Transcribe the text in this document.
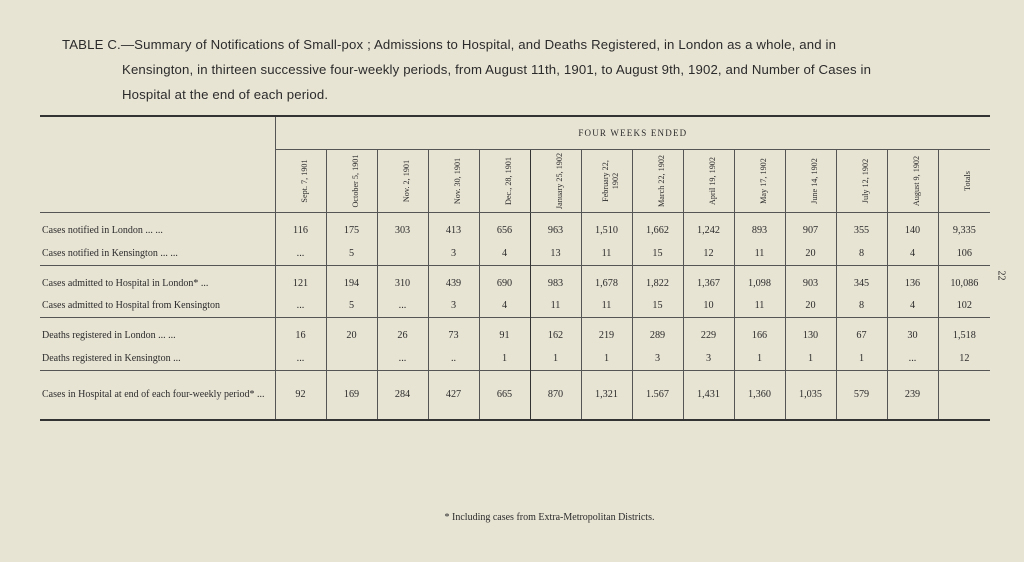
TABLE C.—Summary of Notifications of Small-pox ; Admissions to Hospital, and Deaths Registered, in London as a whole, and in
Kensington, in thirteen successive four-weekly periods, from August 11th, 1901, to August 9th, 1902, and Number of Cases in
Hospital at the end of each period.
22
	FOUR WEEKS ENDED													

	Sept. 7, 1901	October 5, 1901	Nov. 2, 1901	Nov. 30, 1901	Dec., 28, 1901	January 25, 1902	February 22, 1902	March 22, 1902	April 19, 1902	May 17, 1902	June 14, 1902	July 12, 1902	August 9, 1902	Totals

Cases notified in London ... ...	116	175	303	413	656	963	1,510	1,662	1,242	893	907	355	140	9,335
Cases notified in Kensington ... ...	...	5		3	4	13	11	15	12	11	20	8	4	106

Cases admitted to Hospital in London* ...	121	194	310	439	690	983	1,678	1,822	1,367	1,098	903	345	136	10,086
Cases admitted to Hospital from Kensington	...	5	...	3	4	11	11	15	10	11	20	8	4	102

Deaths registered in London ... ...	16	20	26	73	91	162	219	289	229	166	130	67	30	1,518
Deaths registered in Kensington ...	...		...	..	1	1	1	3	3	1	1	1	...	12

Cases in Hospital at end of each four-weekly period* ...	92	169	284	427	665	870	1,321	1.567	1,431	1,360	1,035	579	239	

* Including cases from Extra-Metropolitan Districts.
